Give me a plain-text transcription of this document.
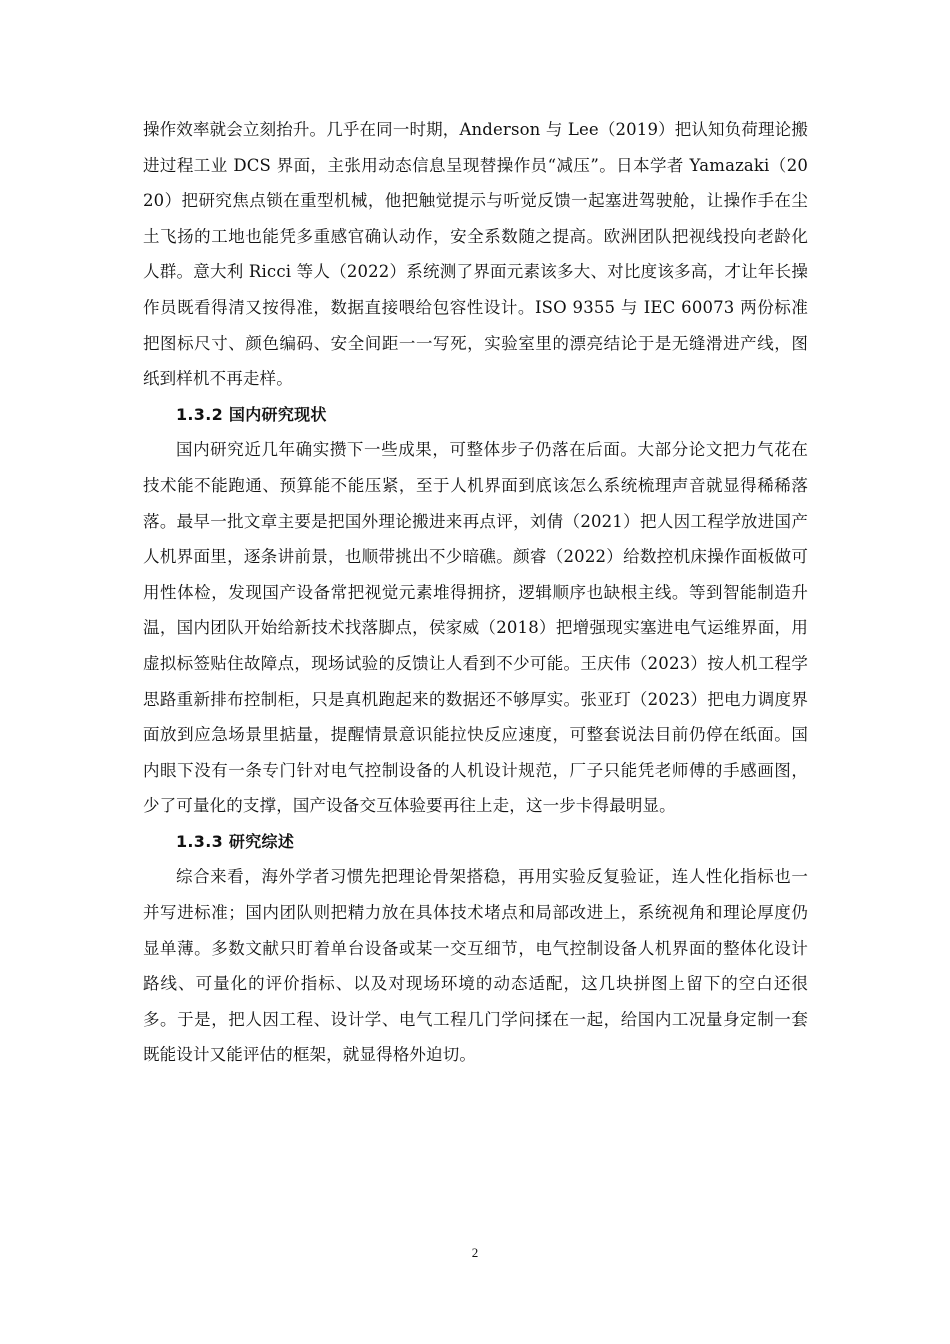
操作效率就会立刻抬升。几乎在同一时期，Anderson 与 Lee（2019）把认知负荷理论搬进过程工业 DCS 界面，主张用动态信息呈现替操作员“减压”。日本学者 Yamazaki（2020）把研究焦点锁在重型机械，他把触觉提示与听觉反馈一起塞进驾驶舱，让操作手在尘土飞扬的工地也能凭多重感官确认动作，安全系数随之提高。欧洲团队把视线投向老龄化人群。意大利 Ricci 等人（2022）系统测了界面元素该多大、对比度该多高，才让年长操作员既看得清又按得准，数据直接喂给包容性设计。ISO 9355 与 IEC 60073 两份标准把图标尺寸、颜色编码、安全间距一一写死，实验室里的漂亮结论于是无缝滑进产线，图纸到样机不再走样。

1.3.2 国内研究现状

国内研究近几年确实攒下一些成果，可整体步子仍落在后面。大部分论文把力气花在技术能不能跑通、预算能不能压紧，至于人机界面到底该怎么系统梳理声音就显得稀稀落落。最早一批文章主要是把国外理论搬进来再点评，刘倩（2021）把人因工程学放进国产人机界面里，逐条讲前景，也顺带挑出不少暗礁。颜睿（2022）给数控机床操作面板做可用性体检，发现国产设备常把视觉元素堆得拥挤，逻辑顺序也缺根主线。等到智能制造升温，国内团队开始给新技术找落脚点，侯家威（2018）把增强现实塞进电气运维界面，用虚拟标签贴住故障点，现场试验的反馈让人看到不少可能。王庆伟（2023）按人机工程学思路重新排布控制柜，只是真机跑起来的数据还不够厚实。张亚玎（2023）把电力调度界面放到应急场景里掂量，提醒情景意识能拉快反应速度，可整套说法目前仍停在纸面。国内眼下没有一条专门针对电气控制设备的人机设计规范，厂子只能凭老师傅的手感画图，少了可量化的支撑，国产设备交互体验要再往上走，这一步卡得最明显。

1.3.3 研究综述

综合来看，海外学者习惯先把理论骨架搭稳，再用实验反复验证，连人性化指标也一并写进标准；国内团队则把精力放在具体技术堵点和局部改进上，系统视角和理论厚度仍显单薄。多数文献只盯着单台设备或某一交互细节，电气控制设备人机界面的整体化设计路线、可量化的评价指标、以及对现场环境的动态适配，这几块拼图上留下的空白还很多。于是，把人因工程、设计学、电气工程几门学问揉在一起，给国内工况量身定制一套既能设计又能评估的框架，就显得格外迫切。

2
